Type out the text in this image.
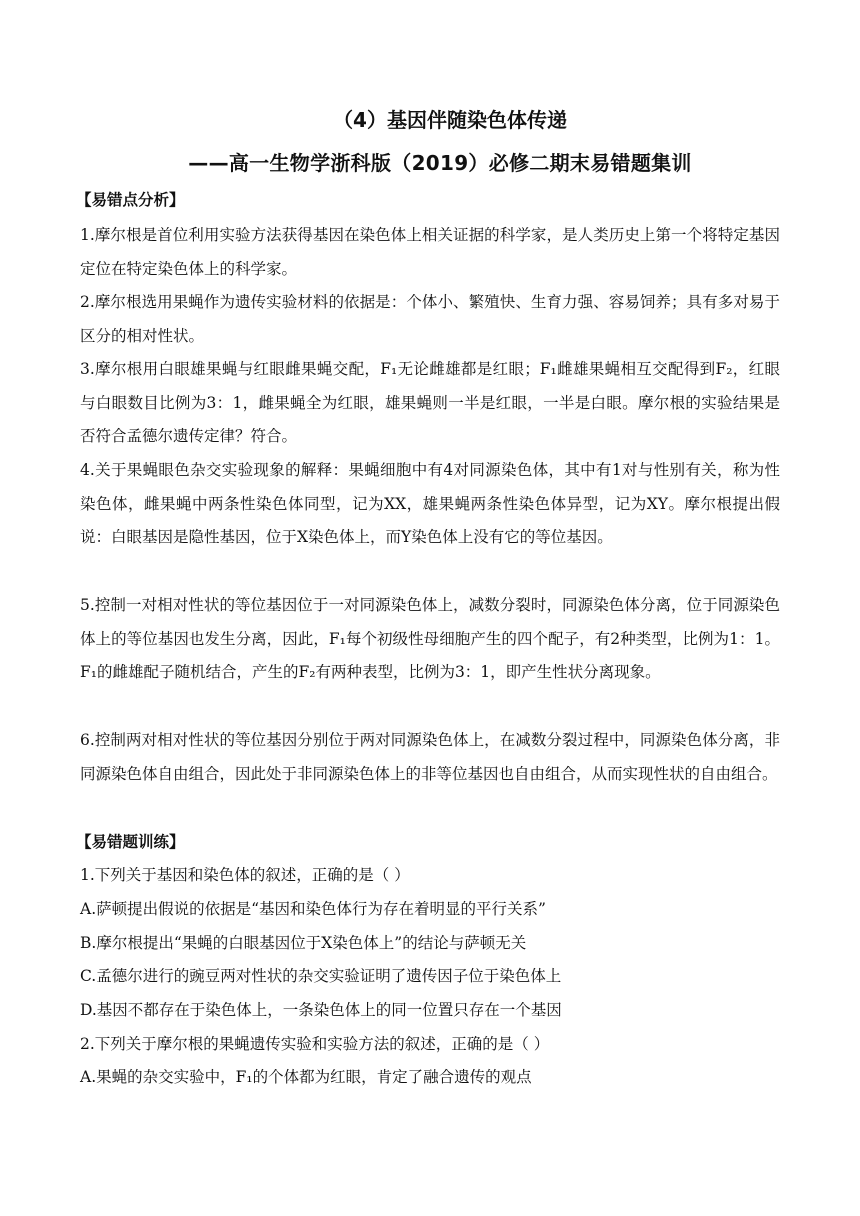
（4）基因伴随染色体传递
——高一生物学浙科版（2019）必修二期末易错题集训
【易错点分析】
1.摩尔根是首位利用实验方法获得基因在染色体上相关证据的科学家，是人类历史上第一个将特定基因定位在特定染色体上的科学家。
2.摩尔根选用果蝇作为遗传实验材料的依据是：个体小、繁殖快、生育力强、容易饲养；具有多对易于区分的相对性状。
3.摩尔根用白眼雄果蝇与红眼雌果蝇交配，F₁无论雌雄都是红眼；F₁雌雄果蝇相互交配得到F₂，红眼与白眼数目比例为3：1，雌果蝇全为红眼，雄果蝇则一半是红眼，一半是白眼。摩尔根的实验结果是否符合孟德尔遗传定律？符合。
4.关于果蝇眼色杂交实验现象的解释：果蝇细胞中有4对同源染色体，其中有1对与性别有关，称为性染色体，雌果蝇中两条性染色体同型，记为XX，雄果蝇两条性染色体异型，记为XY。摩尔根提出假说：白眼基因是隐性基因，位于X染色体上，而Y染色体上没有它的等位基因。
5.控制一对相对性状的等位基因位于一对同源染色体上，减数分裂时，同源染色体分离，位于同源染色体上的等位基因也发生分离，因此，F₁每个初级性母细胞产生的四个配子，有2种类型，比例为1：1。F₁的雌雄配子随机结合，产生的F₂有两种表型，比例为3：1，即产生性状分离现象。
6.控制两对相对性状的等位基因分别位于两对同源染色体上，在减数分裂过程中，同源染色体分离，非同源染色体自由组合，因此处于非同源染色体上的非等位基因也自由组合，从而实现性状的自由组合。
【易错题训练】
1.下列关于基因和染色体的叙述，正确的是（ ）
A.萨顿提出假说的依据是“基因和染色体行为存在着明显的平行关系”
B.摩尔根提出“果蝇的白眼基因位于X染色体上”的结论与萨顿无关
C.孟德尔进行的豌豆两对性状的杂交实验证明了遗传因子位于染色体上
D.基因不都存在于染色体上，一条染色体上的同一位置只存在一个基因
2.下列关于摩尔根的果蝇遗传实验和实验方法的叙述，正确的是（ ）
A.果蝇的杂交实验中，F₁的个体都为红眼，肯定了融合遗传的观点
